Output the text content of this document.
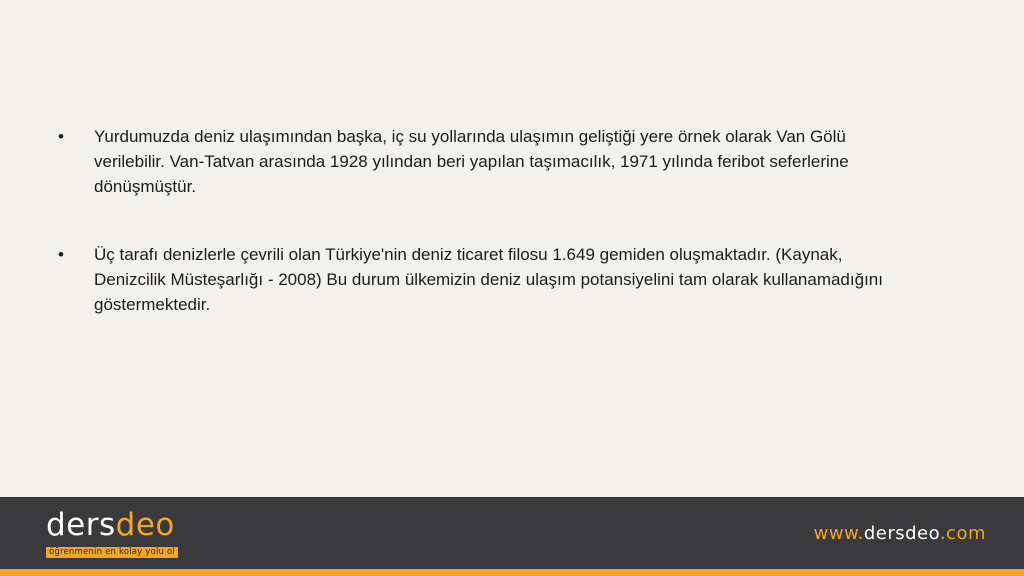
•	Yurdumuzda deniz ulaşımından başka, iç su yollarında ulaşımın geliştiği yere örnek olarak Van Gölü verilebilir. Van-Tatvan arasında 1928 yılından beri yapılan taşımacılık, 1971 yılında feribot seferlerine dönüşmüştür.
•	Üç tarafı denizlerle çevrili olan Türkiye'nin deniz ticaret filosu 1.649 gemiden oluşmaktadır. (Kaynak, Denizcilik Müsteşarlığı - 2008) Bu durum ülkemizin deniz ulaşım potansiyelini tam olarak kullanamadığını göstermektedir.
dersdeo
öğrenmenin en kolay yolu ol
www.dersdeo.com
